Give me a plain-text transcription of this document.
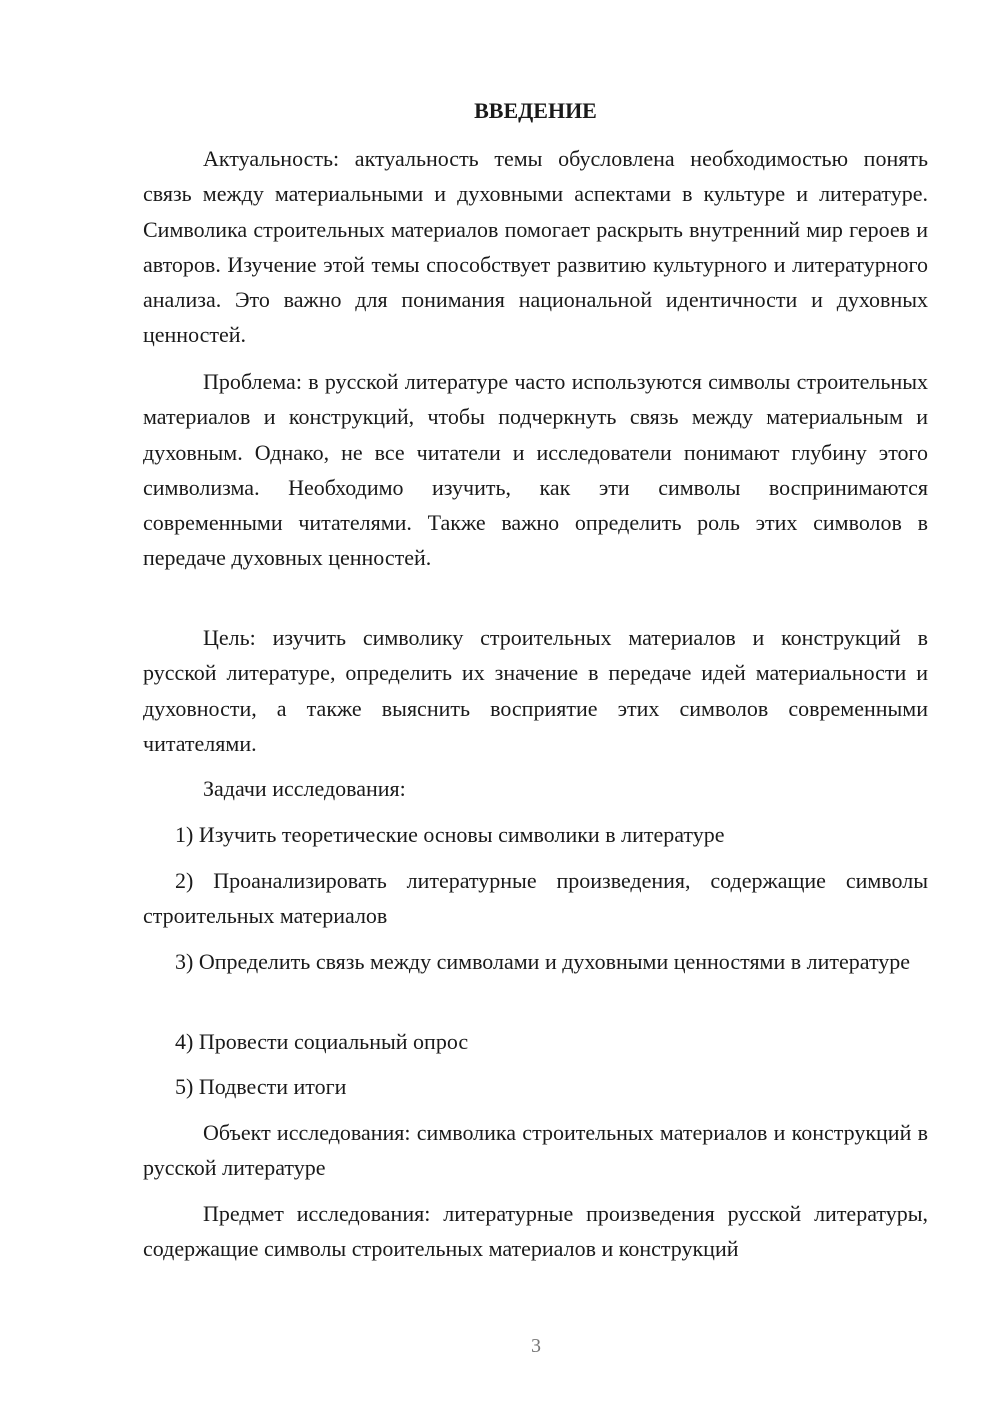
ВВЕДЕНИЕ

Актуальность: актуальность темы обусловлена необходимостью понять связь между материальными и духовными аспектами в культуре и литературе. Символика строительных материалов помогает раскрыть внутренний мир героев и авторов. Изучение этой темы способствует развитию культурного и литературного анализа. Это важно для понимания национальной идентичности и духовных ценностей.

Проблема: в русской литературе часто используются символы строительных материалов и конструкций, чтобы подчеркнуть связь между материальным и духовным. Однако, не все читатели и исследователи понимают глубину этого символизма. Необходимо изучить, как эти символы воспринимаются современными читателями. Также важно определить роль этих символов в передаче духовных ценностей.

Цель: изучить символику строительных материалов и конструкций в русской литературе, определить их значение в передаче идей материальности и духовности, а также выяснить восприятие этих символов современными читателями.

Задачи исследования:

1) Изучить теоретические основы символики в литературе

2) Проанализировать литературные произведения, содержащие символы строительных материалов

3) Определить связь между символами и духовными ценностями в литературе

4) Провести социальный опрос

5) Подвести итоги

Объект исследования: символика строительных материалов и конструкций в русской литературе

Предмет исследования: литературные произведения русской литературы, содержащие символы строительных материалов и конструкций

3
